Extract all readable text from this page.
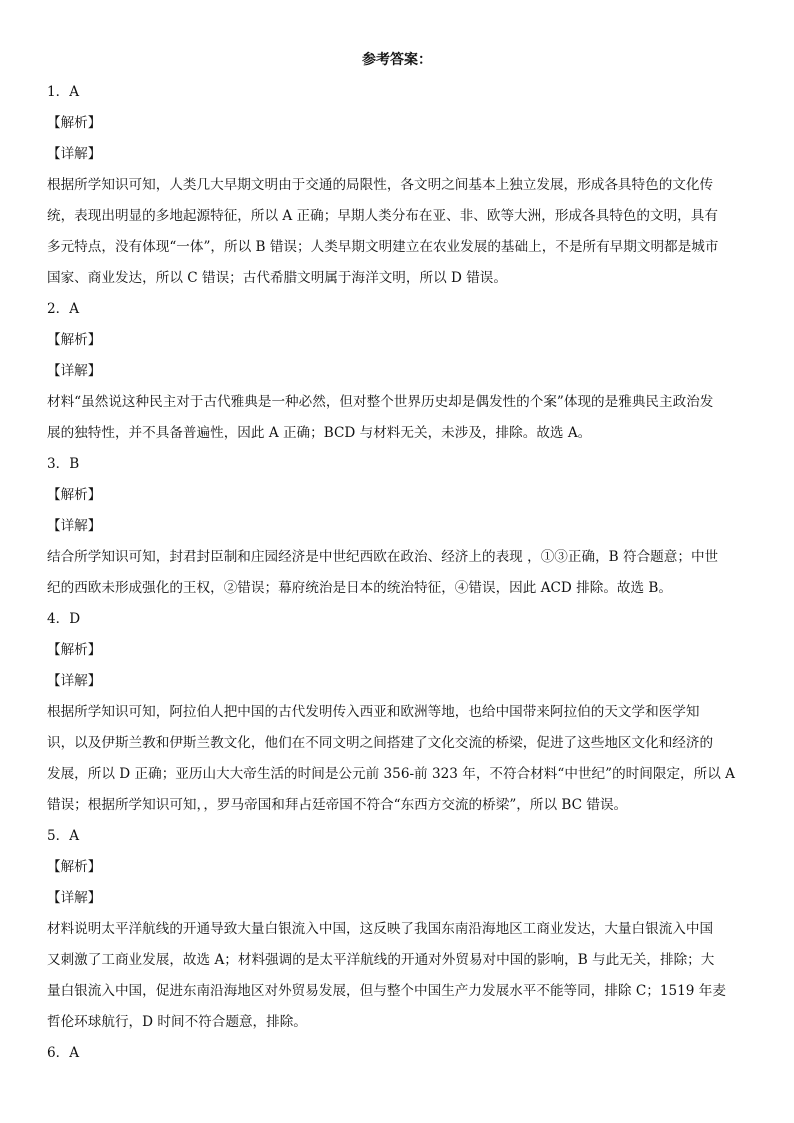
参考答案：
1．A
【解析】
【详解】
根据所学知识可知，人类几大早期文明由于交通的局限性，各文明之间基本上独立发展，形成各具特色的文化传
统，表现出明显的多地起源特征，所以 A 正确；早期人类分布在亚、非、欧等大洲，形成各具特色的文明，具有
多元特点，没有体现“一体”，所以 B 错误；人类早期文明建立在农业发展的基础上，不是所有早期文明都是城市
国家、商业发达，所以 C 错误；古代希腊文明属于海洋文明，所以 D 错误。
2．A
【解析】
【详解】
材料“虽然说这种民主对于古代雅典是一种必然，但对整个世界历史却是偶发性的个案”体现的是雅典民主政治发
展的独特性，并不具备普遍性，因此 A 正确；BCD 与材料无关，未涉及，排除。故选 A。
3．B
【解析】
【详解】
结合所学知识可知，封君封臣制和庄园经济是中世纪西欧在政治、经济上的表现 ，①③正确，B 符合题意；中世
纪的西欧未形成强化的王权，②错误；幕府统治是日本的统治特征，④错误，因此 ACD 排除。故选 B。
4．D
【解析】
【详解】
根据所学知识可知，阿拉伯人把中国的古代发明传入西亚和欧洲等地，也给中国带来阿拉伯的天文学和医学知
识，以及伊斯兰教和伊斯兰教文化，他们在不同文明之间搭建了文化交流的桥梁，促进了这些地区文化和经济的
发展，所以 D 正确；亚历山大大帝生活的时间是公元前 356-前 323 年，不符合材料“中世纪”的时间限定，所以 A
错误；根据所学知识可知，，罗马帝国和拜占廷帝国不符合“东西方交流的桥梁”，所以 BC 错误。
5．A
【解析】
【详解】
材料说明太平洋航线的开通导致大量白银流入中国，这反映了我国东南沿海地区工商业发达，大量白银流入中国
又刺激了工商业发展，故选 A；材料强调的是太平洋航线的开通对外贸易对中国的影响，B 与此无关，排除；大
量白银流入中国，促进东南沿海地区对外贸易发展，但与整个中国生产力发展水平不能等同，排除 C；1519 年麦
哲伦环球航行，D 时间不符合题意，排除。
6．A
